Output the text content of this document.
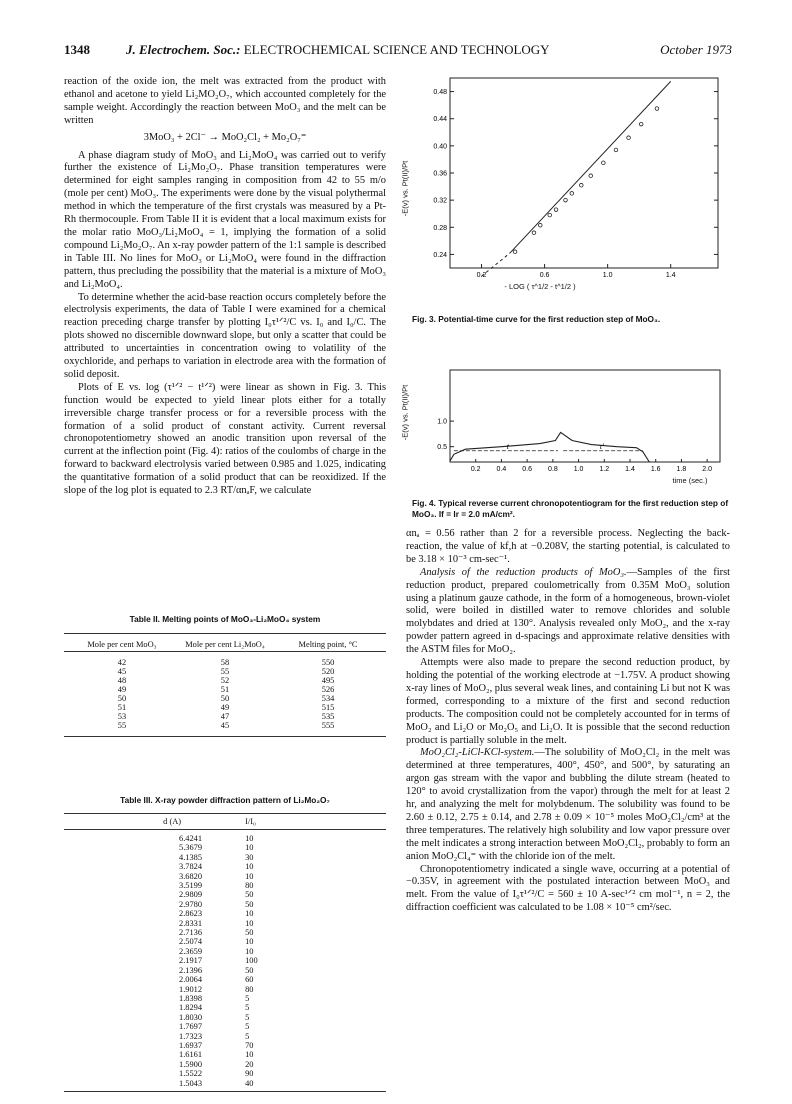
1348	J. Electrochem. Soc.: ELECTROCHEMICAL SCIENCE AND TECHNOLOGY	October 1973

reaction of the oxide ion, the melt was extracted from the product with ethanol and acetone to yield Li₂MO₂O₇, which accounted completely for the sample weight. Accordingly the reaction between MoO₃ and the melt can be written

3MoO₃ + 2Cl⁻ → MoO₂Cl₂ + Mo₂O₇⁼

A phase diagram study of MoO₃ and Li₂MoO₄ was carried out to verify further the existence of Li₂Mo₂O₇. Phase transition temperatures were determined for eight samples ranging in composition from 42 to 55 m/o (mole per cent) MoO₃. The experiments were done by the visual polythermal method in which the temperature of the first crystals was measured by a Pt-Rh thermocouple. From Table II it is evident that a local maximum exists for the molar ratio MoO₃/Li₂MoO₄ = 1, implying the formation of a solid compound Li₂Mo₂O₇. An x-ray powder pattern of the 1:1 sample is described in Table III. No lines for MoO₃ or Li₂MoO₄ were found in the diffraction pattern, thus precluding the possibility that the material is a mixture of MoO₃ and Li₂MoO₄.

To determine whether the acid-base reaction occurs completely before the electrolysis experiments, the data of Table I were examined for a chemical reaction preceding charge transfer by plotting I₀τ¹ᐟ²/C vs. I₀ and I₀/C. The plots showed no discernible downward slope, but only a scatter that could be attributed to uncertainties in concentration owing to volatility of the oxychloride, and perhaps to variation in electrode area with the formation of solid deposit.

Plots of E vs. log (τ¹ᐟ² − t¹ᐟ²) were linear as shown in Fig. 3. This function would be expected to yield linear plots either for a totally irreversible charge transfer process or for a reversible process with the formation of a solid product of constant activity. Current reversal chronopotentiometry showed an anodic transition upon reversal of the current at the inflection point (Fig. 4): ratios of the coulombs of charge in the forward to backward electrolysis varied between 0.985 and 1.025, indicating the quantitative formation of a solid product that can be reoxidized. If the slope of the log plot is equated to 2.3 RT/αnₐF, we calculate

Table II. Melting points of MoO₃-Li₂MoO₄ system
Mole per cent MoO₃	Mole per cent Li₂MoO₄	Melting point, °C
42	58	550
45	55	520
48	52	495
49	51	526
50	50	534
51	49	515
53	47	535
55	45	555
Table III. X-ray powder diffraction pattern of Li₂Mo₂O₇
d (A)	I/I₀
6.4241	10
5.3679	10
4.1385	30
3.7824	10
3.6820	10
3.5199	80
2.9809	50
2.9780	50
2.8623	10
2.8331	10
2.7136	50
2.5074	10
2.3659	10
2.1917	100
2.1396	50
2.0064	60
1.9012	80
1.8398	5
1.8294	5
1.8030	5
1.7697	5
1.7323	5
1.6937	70
1.6161	10
1.5900	20
1.5522	90
1.5043	40
0.24
0.28
0.32
0.36
0.40
0.44
0.48
0.2	0.6	1.0	1.4
-E(v) vs. Pt(II)/Pt
- LOG ( τ^1/2 - t^1/2 )
Fig. 3. Potential-time curve for the first reduction step of MoO₃.
0.5
1.0
0.2 0.4 0.6 0.8 1.0 1.2 1.4 1.6 1.8 2.0
t	τ'
-E(v) vs. Pt(II)/Pt
time (sec.)
Fig. 4. Typical reverse current chronopotentiogram for the first reduction step of MoO₃. If = Ir = 2.0 mA/cm².

αnₐ = 0.56 rather than 2 for a reversible process. Neglecting the back-reaction, the value of kf,h at −0.208V, the starting potential, is calculated to be 3.18 × 10⁻³ cm-sec⁻¹.

Analysis of the reduction products of MoO₃.—Samples of the first reduction product, prepared coulometrically from 0.35M MoO₃ solution using a platinum gauze cathode, in the form of a homogeneous, brown-violet solid, were boiled in distilled water to remove chlorides and soluble molybdates and dried at 130°. Analysis revealed only MoO₂, and the x-ray powder pattern agreed in d-spacings and approximate relative densities with the ASTM files for MoO₂.

Attempts were also made to prepare the second reduction product, by holding the potential of the working electrode at −1.75V. A product showing x-ray lines of MoO₂, plus several weak lines, and containing Li but not K was formed, corresponding to a mixture of the first and second reduction products. The composition could not be completely accounted for in terms of MoO₂ and Li₂O or Mo₂O₅ and Li₂O. It is possible that the second reduction product is partially soluble in the melt.

MoO₂Cl₂-LiCl-KCl-system.—The solubility of MoO₂Cl₂ in the melt was determined at three temperatures, 400°, 450°, and 500°, by saturating an argon gas stream with the vapor and bubbling the dilute stream (heated to 120° to avoid crystallization from the vapor) through the melt for at least 2 hr, and analyzing the melt for molybdenum. The solubility was found to be 2.60 ± 0.12, 2.75 ± 0.14, and 2.78 ± 0.09 × 10⁻⁵ moles MoO₂Cl₂/cm³ at the three temperatures. The relatively high solubility and low vapor pressure over the melt indicates a strong interaction between MoO₂Cl₂, probably to form an anion MoO₂Cl₄⁼ with the chloride ion of the melt.

Chronopotentiometry indicated a single wave, occurring at a potential of −0.35V, in agreement with the postulated interaction between MoO₃ and melt. From the value of I₀τ¹ᐟ²/C = 560 ± 10 A-sec¹ᐟ² cm mol⁻¹, n = 2, the diffraction coefficient was calculated to be 1.08 × 10⁻⁵ cm²/sec.
